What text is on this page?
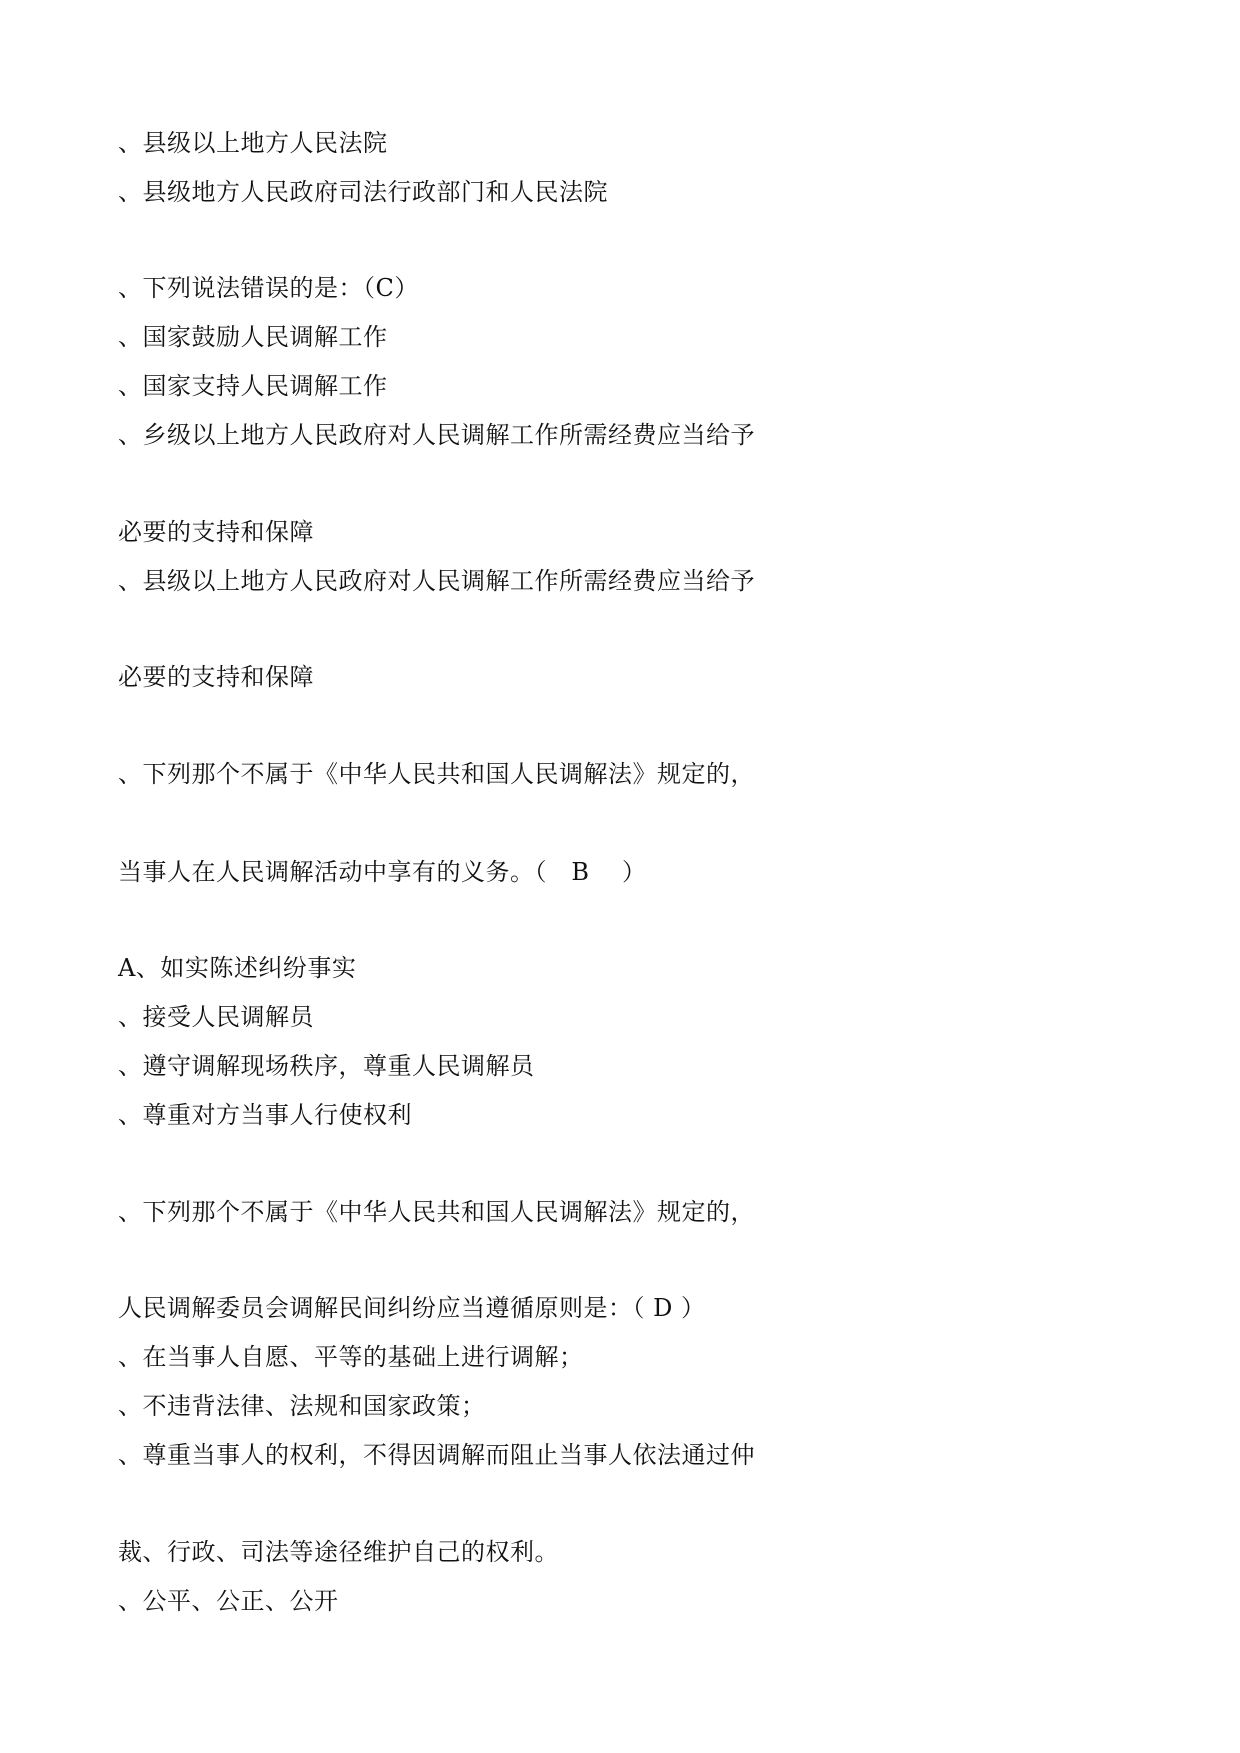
、县级以上地方人民法院
、县级地方人民政府司法行政部门和人民法院
、下列说法错误的是：（C）
、国家鼓励人民调解工作
、国家支持人民调解工作
、乡级以上地方人民政府对人民调解工作所需经费应当给予
必要的支持和保障
、县级以上地方人民政府对人民调解工作所需经费应当给予
必要的支持和保障
、下列那个不属于《中华人民共和国人民调解法》规定的，
当事人在人民调解活动中享有的义务。（   B    ）
A、如实陈述纠纷事实
、接受人民调解员
、遵守调解现场秩序，尊重人民调解员
、尊重对方当事人行使权利
、下列那个不属于《中华人民共和国人民调解法》规定的，
人民调解委员会调解民间纠纷应当遵循原则是：（ D ）
、在当事人自愿、平等的基础上进行调解；
、不违背法律、法规和国家政策；
、尊重当事人的权利，不得因调解而阻止当事人依法通过仲
裁、行政、司法等途径维护自己的权利。
、公平、公正、公开
